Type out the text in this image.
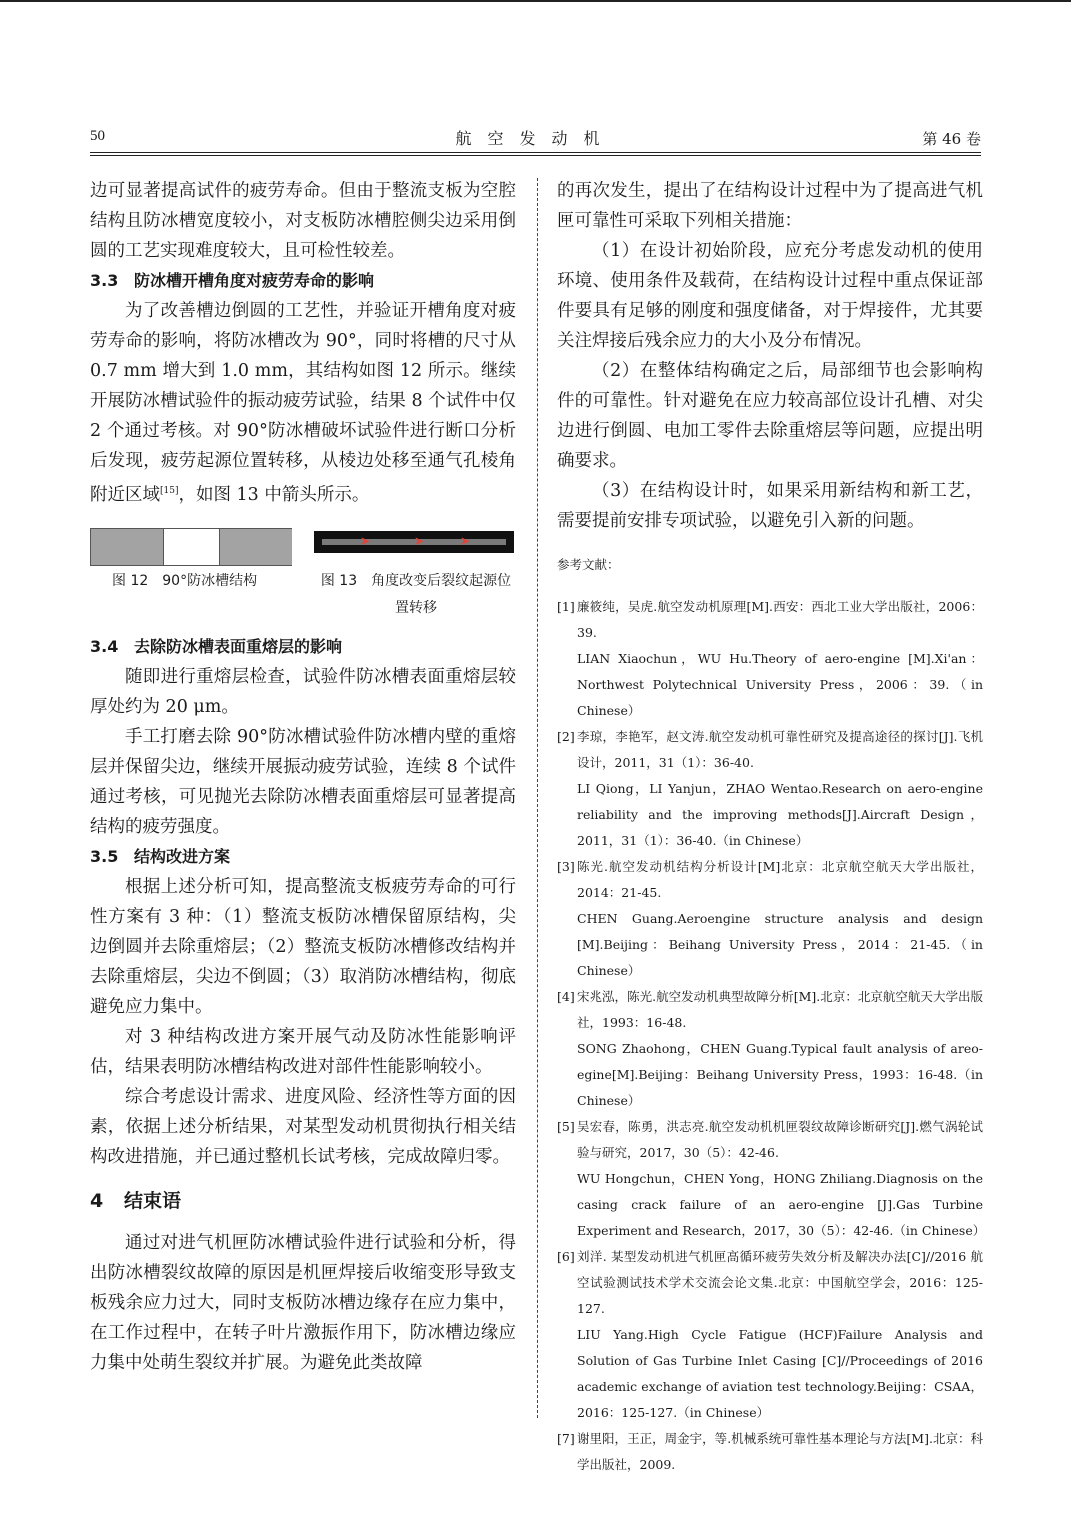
50	航空发动机	第 46 卷

边可显著提高试件的疲劳寿命。但由于整流支板为空腔结构且防冰槽宽度较小，对支板防冰槽腔侧尖边采用倒圆的工艺实现难度较大，且可检性较差。

3.3 防冰槽开槽角度对疲劳寿命的影响

为了改善槽边倒圆的工艺性，并验证开槽角度对疲劳寿命的影响，将防冰槽改为 90°，同时将槽的尺寸从 0.7 mm 增大到 1.0 mm，其结构如图 12 所示。继续开展防冰槽试验件的振动疲劳试验，结果 8 个试件中仅 2 个通过考核。对 90°防冰槽破坏试验件进行断口分析后发现，疲劳起源位置转移，从棱边处移至通气孔棱角附近区域[15]，如图 13 中箭头所示。

➤	➤	➤
图 12　90°防冰槽结构	图 13　角度改变后裂纹起源位置转移
3.4 去除防冰槽表面重熔层的影响

随即进行重熔层检查，试验件防冰槽表面重熔层较厚处约为 20 μm。

手工打磨去除 90°防冰槽试验件防冰槽内壁的重熔层并保留尖边，继续开展振动疲劳试验，连续 8 个试件通过考核，可见抛光去除防冰槽表面重熔层可显著提高结构的疲劳强度。

3.5 结构改进方案

根据上述分析可知，提高整流支板疲劳寿命的可行性方案有 3 种：（1）整流支板防冰槽保留原结构，尖边倒圆并去除重熔层；（2）整流支板防冰槽修改结构并去除重熔层，尖边不倒圆；（3）取消防冰槽结构，彻底避免应力集中。

对 3 种结构改进方案开展气动及防冰性能影响评估，结果表明防冰槽结构改进对部件性能影响较小。

综合考虑设计需求、进度风险、经济性等方面的因素，依据上述分析结果，对某型发动机贯彻执行相关结构改进措施，并已通过整机长试考核，完成故障归零。

4 结束语

通过对进气机匣防冰槽试验件进行试验和分析，得出防冰槽裂纹故障的原因是机匣焊接后收缩变形导致支板残余应力过大，同时支板防冰槽边缘存在应力集中，在工作过程中，在转子叶片激振作用下，防冰槽边缘应力集中处萌生裂纹并扩展。为避免此类故障

的再次发生，提出了在结构设计过程中为了提高进气机匣可靠性可采取下列相关措施：

（1）在设计初始阶段，应充分考虑发动机的使用环境、使用条件及载荷，在结构设计过程中重点保证部件要具有足够的刚度和强度储备，对于焊接件，尤其要关注焊接后残余应力的大小及分布情况。

（2）在整体结构确定之后，局部细节也会影响构件的可靠性。针对避免在应力较高部位设计孔槽、对尖边进行倒圆、电加工零件去除重熔层等问题，应提出明确要求。

（3）在结构设计时，如果采用新结构和新工艺，需要提前安排专项试验，以避免引入新的问题。

参考文献：

[1] 廉筱纯，吴虎.航空发动机原理[M].西安：西北工业大学出版社，2006：39.
LIAN Xiaochun，WU Hu.Theory of aero-engine [M].Xi'an：Northwest Polytechnical University Press，2006：39.（in Chinese）

[2] 李琼，李艳军，赵文涛.航空发动机可靠性研究及提高途径的探讨[J].飞机设计，2011，31（1）：36-40.
LI Qiong，LI Yanjun，ZHAO Wentao.Research on aero-engine reliability and the improving methods[J].Aircraft Design，2011，31（1）：36-40.（in Chinese）

[3] 陈光.航空发动机结构分析设计[M]北京：北京航空航天大学出版社，2014：21-45.
CHEN Guang.Aeroengine structure analysis and design [M].Beijing：Beihang University Press，2014：21-45.（in Chinese）

[4] 宋兆泓，陈光.航空发动机典型故障分析[M].北京：北京航空航天大学出版社，1993：16-48.
SONG Zhaohong，CHEN Guang.Typical fault analysis of areo-egine[M].Beijing：Beihang University Press，1993：16-48.（in Chinese）

[5] 吴宏春，陈勇，洪志亮.航空发动机机匣裂纹故障诊断研究[J].燃气涡轮试验与研究，2017，30（5）：42-46.
WU Hongchun，CHEN Yong，HONG Zhiliang.Diagnosis on the casing crack failure of an aero-engine [J].Gas Turbine Experiment and Research，2017，30（5）：42-46.（in Chinese）

[6] 刘洋. 某型发动机进气机匣高循环疲劳失效分析及解决办法[C]//2016 航空试验测试技术学术交流会论文集.北京：中国航空学会，2016：125-127.
LIU Yang.High Cycle Fatigue (HCF)Failure Analysis and Solution of Gas Turbine Inlet Casing [C]//Proceedings of 2016 academic exchange of aviation test technology.Beijing：CSAA，2016：125-127.（in Chinese）

[7] 谢里阳，王正，周金宇，等.机械系统可靠性基本理论与方法[M].北京：科学出版社，2009.
